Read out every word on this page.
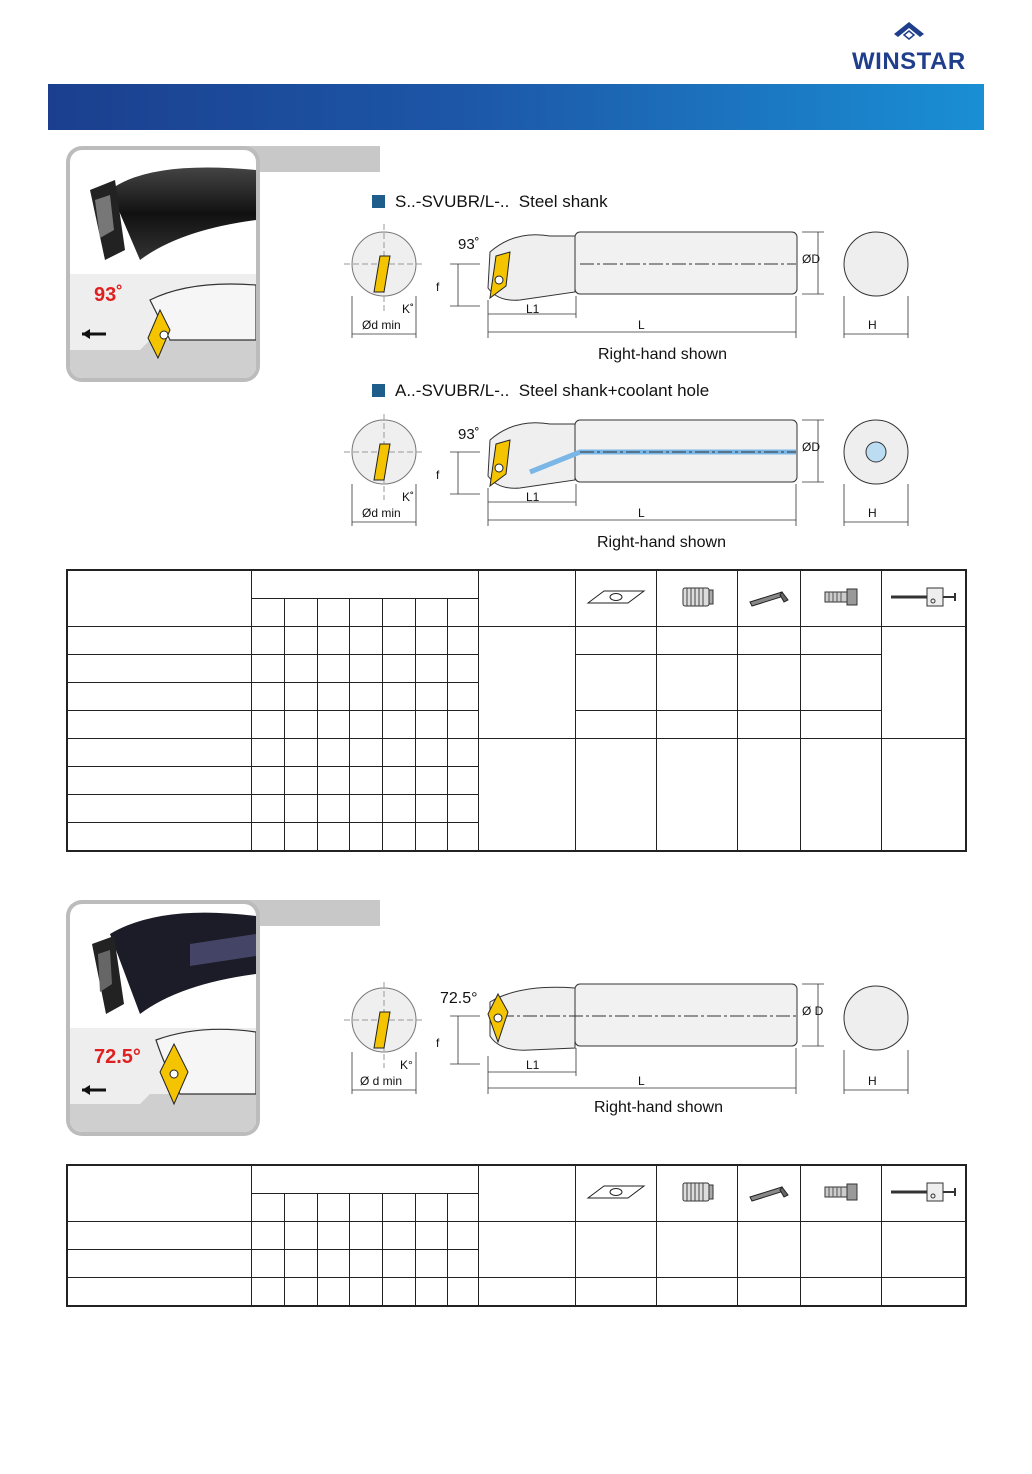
WINSTAR
93˚
S..-SVUBR/L-.. Steel shank
93˚
K˚
Ød min
f
L1
L
ØD
H
Right-hand shown
A..-SVUBR/L-.. Steel shank+coolant hole
93˚
K˚
Ød min
f
L1
L
ØD
H
Right-hand shown

72.5°
72.5°
K°
Ø d min
f
L1
L
Ø D
H
Right-hand shown
